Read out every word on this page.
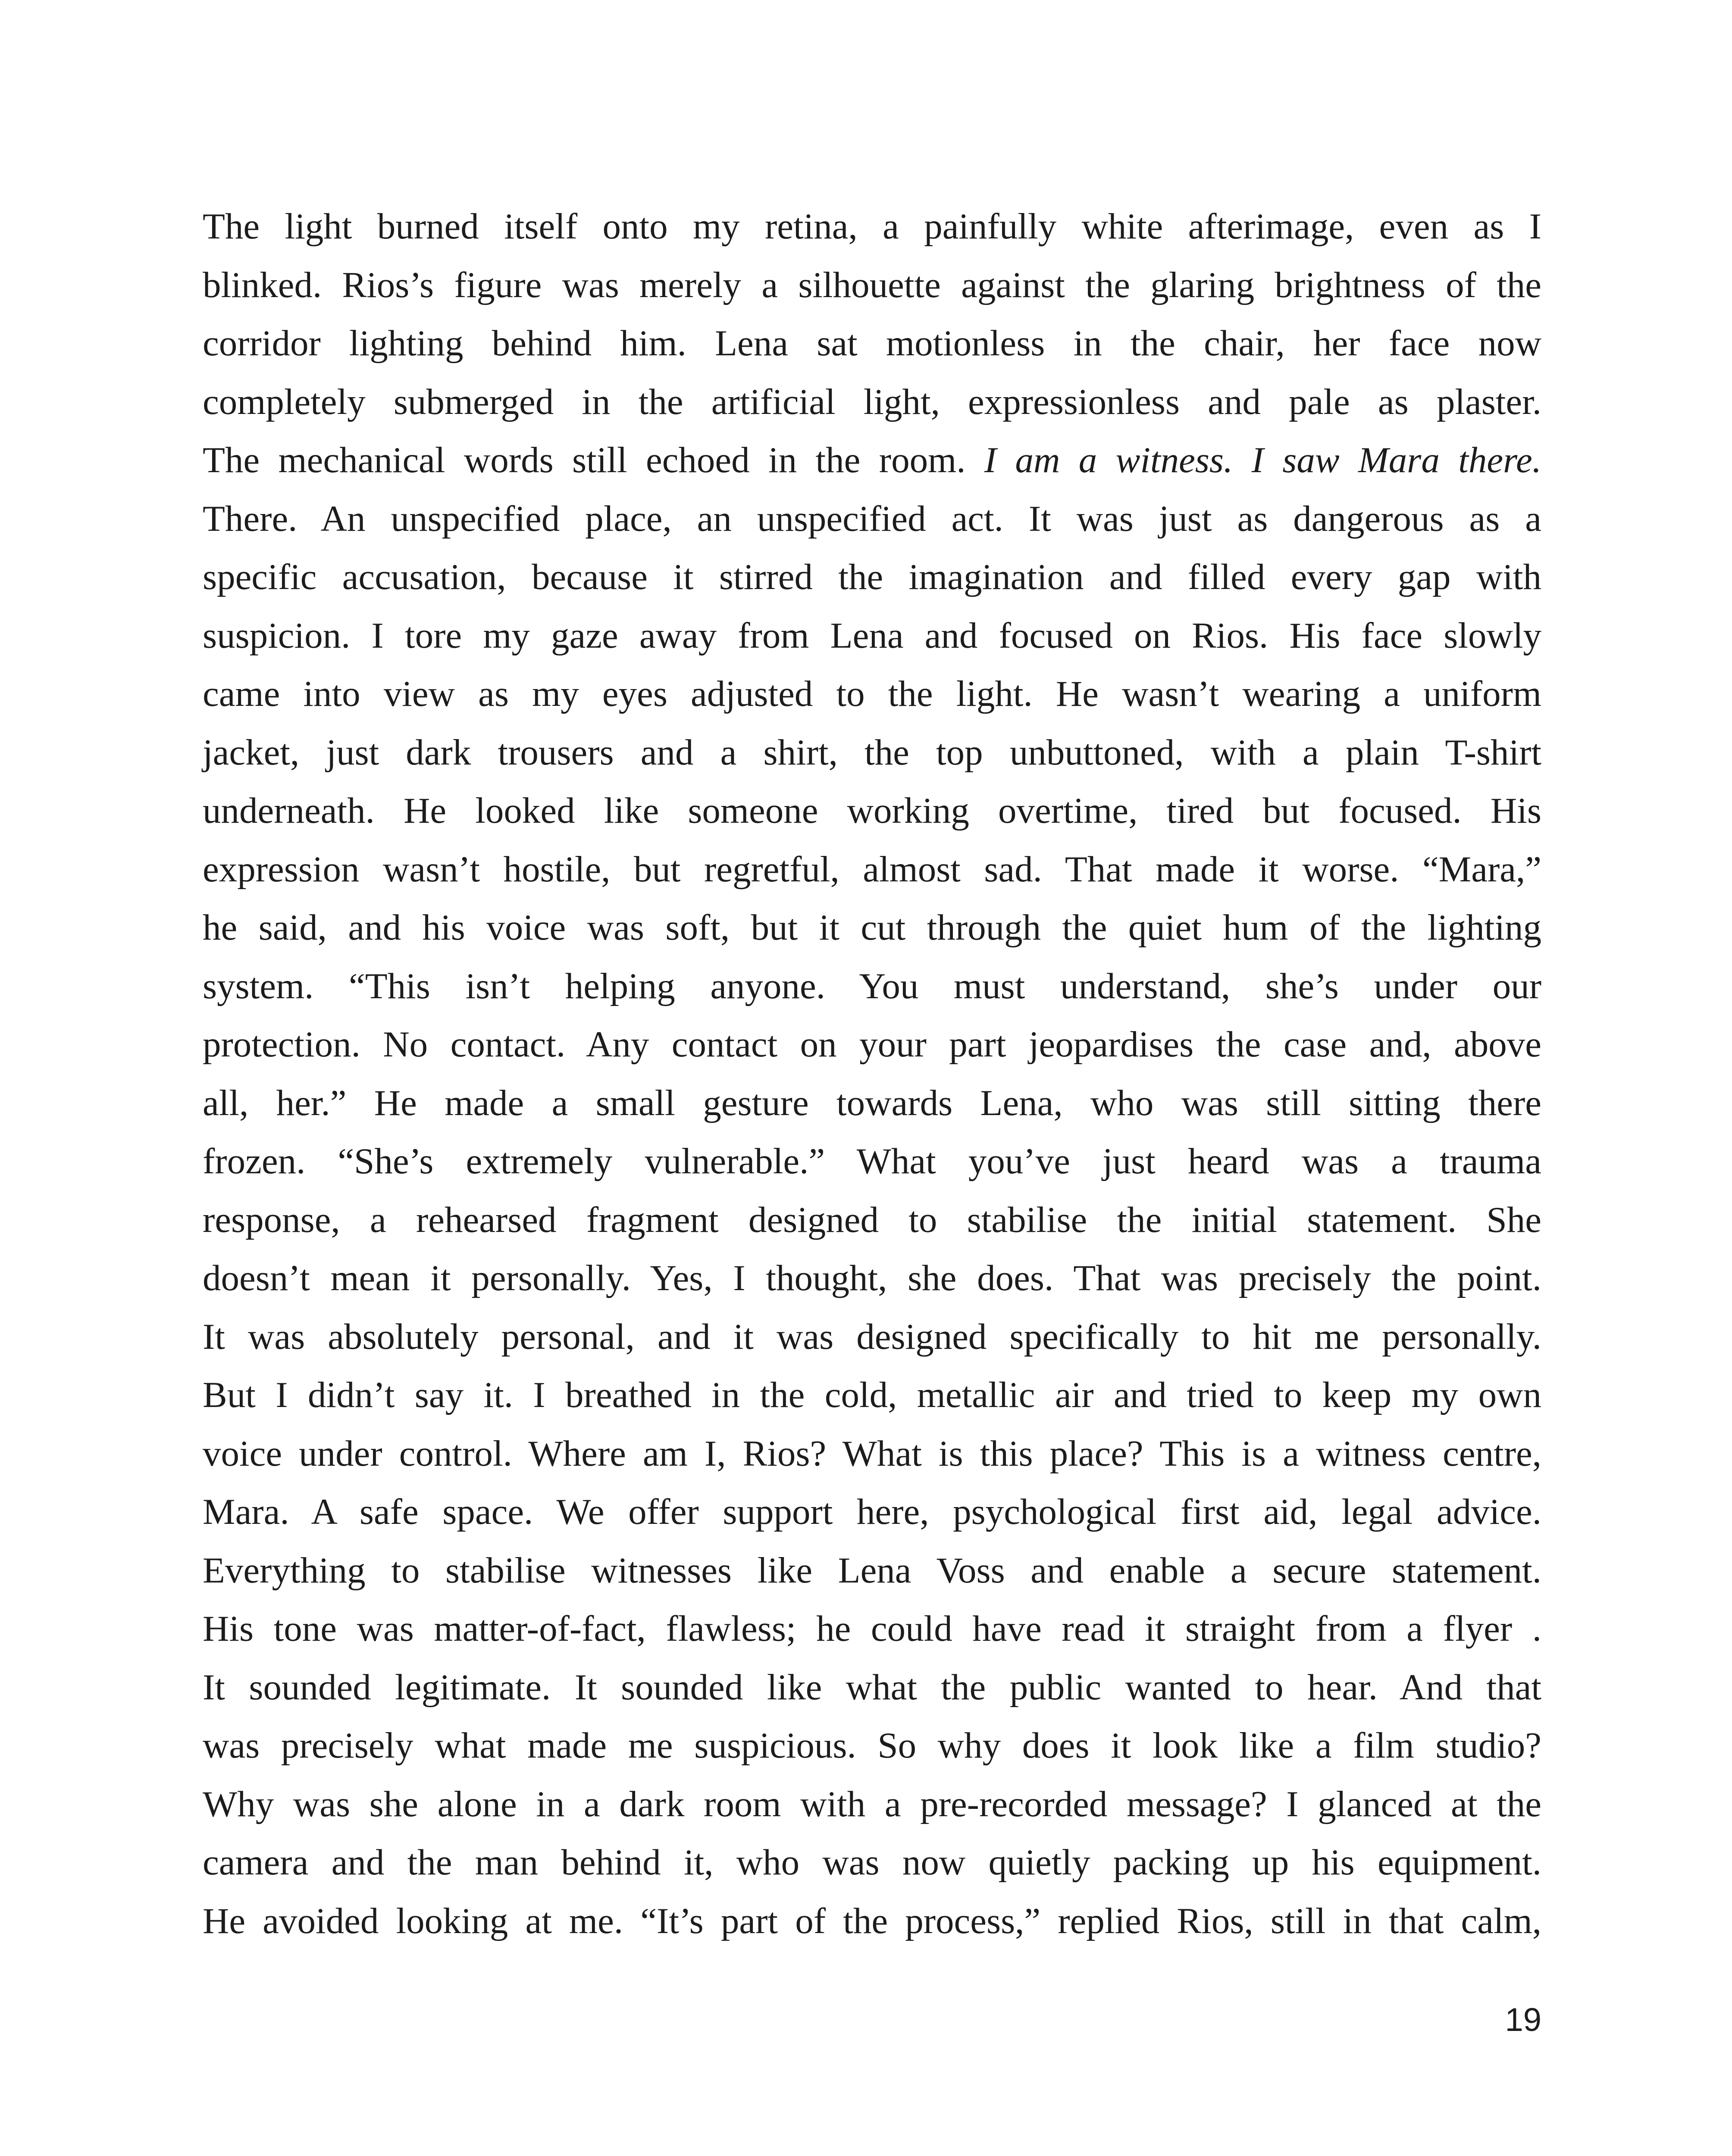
The light burned itself onto my retina, a painfully white afterimage, even as I
blinked. Rios’s figure was merely a silhouette against the glaring brightness of the
corridor lighting behind him. Lena sat motionless in the chair, her face now
completely submerged in the artificial light, expressionless and pale as plaster.
The mechanical words still echoed in the room. I am a witness. I saw Mara there.
There. An unspecified place, an unspecified act. It was just as dangerous as a
specific accusation, because it stirred the imagination and filled every gap with
suspicion. I tore my gaze away from Lena and focused on Rios. His face slowly
came into view as my eyes adjusted to the light. He wasn’t wearing a uniform
jacket, just dark trousers and a shirt, the top unbuttoned, with a plain T-shirt
underneath. He looked like someone working overtime, tired but focused. His
expression wasn’t hostile, but regretful, almost sad. That made it worse. “Mara,”
he said, and his voice was soft, but it cut through the quiet hum of the lighting
system. “This isn’t helping anyone. You must understand, she’s under our
protection. No contact. Any contact on your part jeopardises the case and, above
all, her.” He made a small gesture towards Lena, who was still sitting there
frozen. “She’s extremely vulnerable.” What you’ve just heard was a trauma
response, a rehearsed fragment designed to stabilise the initial statement. She
doesn’t mean it personally. Yes, I thought, she does. That was precisely the point.
It was absolutely personal, and it was designed specifically to hit me personally.
But I didn’t say it. I breathed in the cold, metallic air and tried to keep my own
voice under control. Where am I, Rios? What is this place? This is a witness centre,
Mara. A safe space. We offer support here, psychological first aid, legal advice.
Everything to stabilise witnesses like Lena Voss and enable a secure statement.
His tone was matter-of-fact, flawless; he could have read it straight from a flyer .
It sounded legitimate. It sounded like what the public wanted to hear. And that
was precisely what made me suspicious. So why does it look like a film studio?
Why was she alone in a dark room with a pre-recorded message? I glanced at the
camera and the man behind it, who was now quietly packing up his equipment.
He avoided looking at me. “It’s part of the process,” replied Rios, still in that calm,
19
